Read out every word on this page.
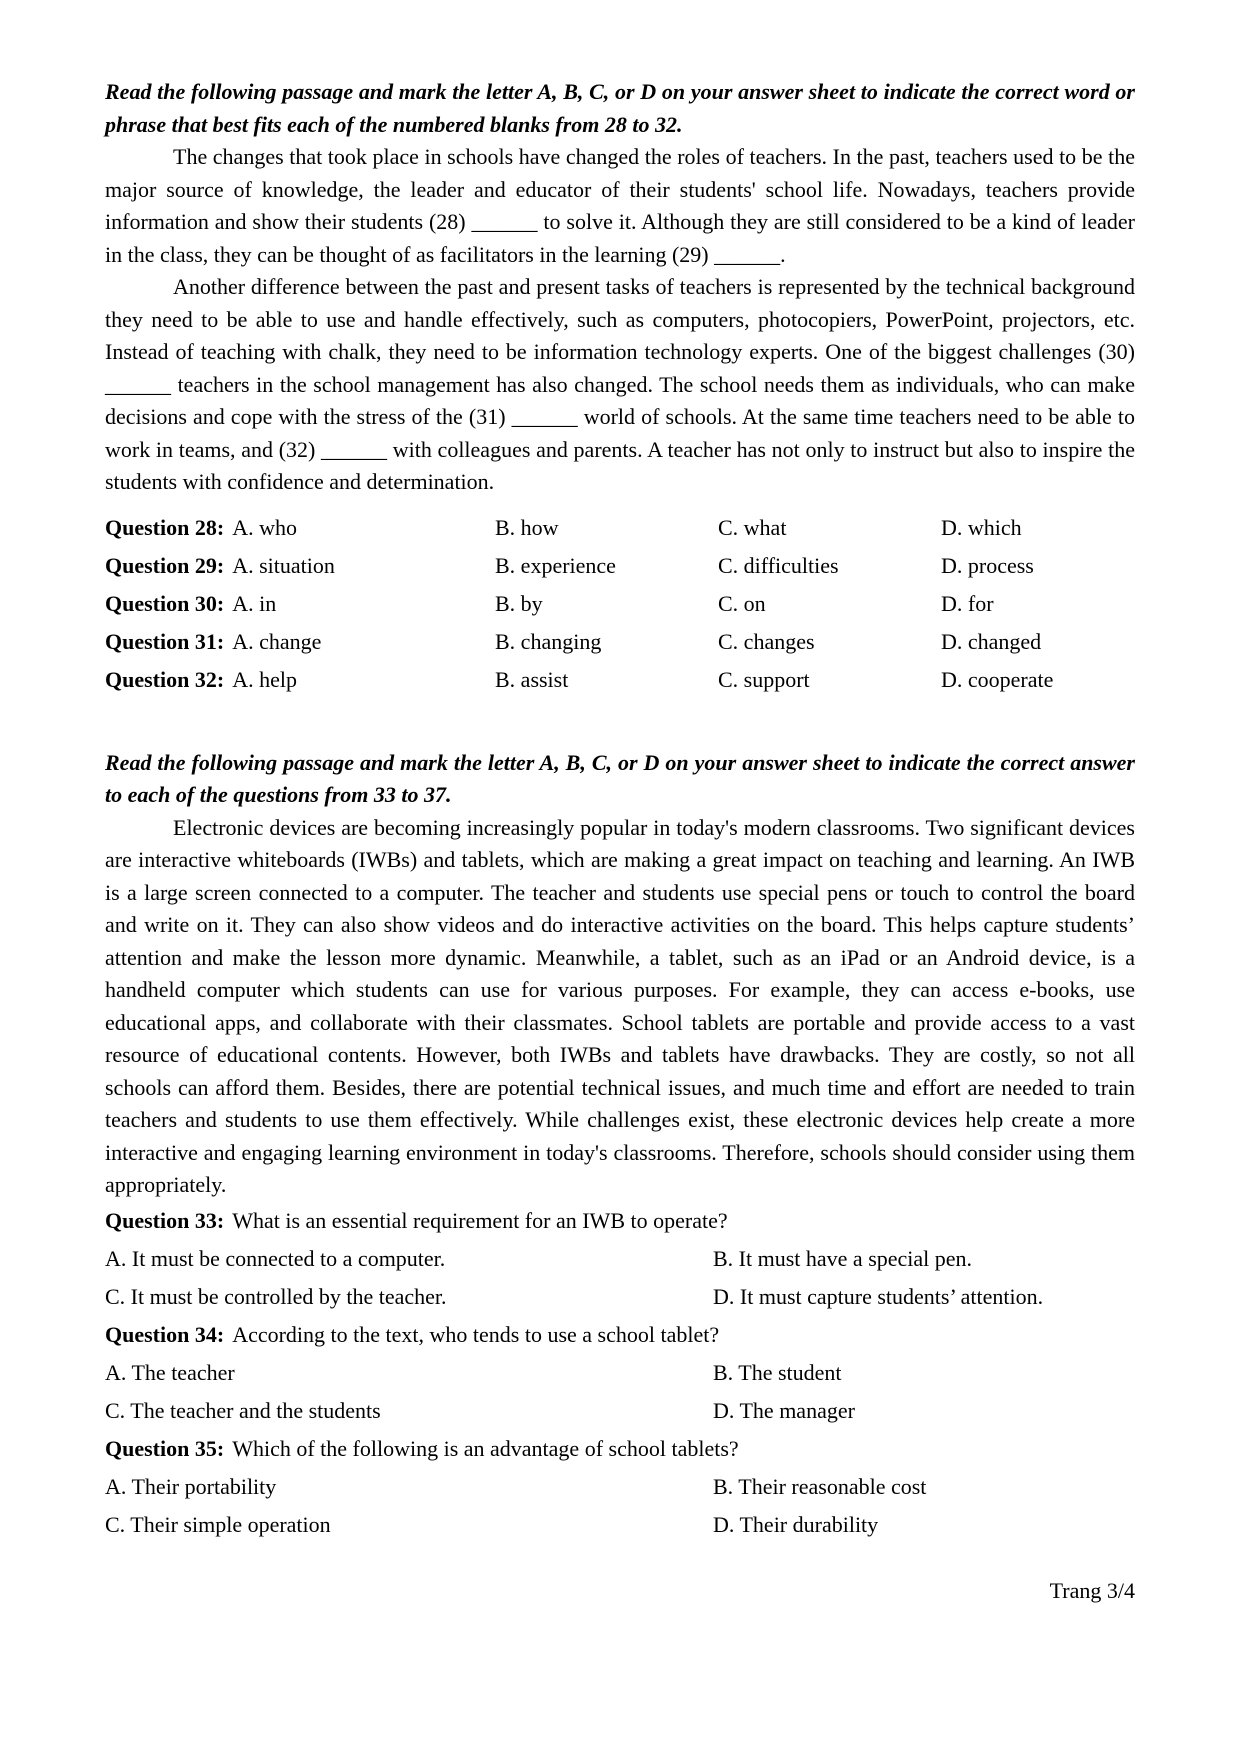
Read the following passage and mark the letter A, B, C, or D on your answer sheet to indicate the correct word or phrase that best fits each of the numbered blanks from 28 to 32.

The changes that took place in schools have changed the roles of teachers. In the past, teachers used to be the major source of knowledge, the leader and educator of their students' school life. Nowadays, teachers provide information and show their students (28) ______ to solve it. Although they are still considered to be a kind of leader in the class, they can be thought of as facilitators in the learning (29) ______.

Another difference between the past and present tasks of teachers is represented by the technical background they need to be able to use and handle effectively, such as computers, photocopiers, PowerPoint, projectors, etc. Instead of teaching with chalk, they need to be information technology experts. One of the biggest challenges (30) ______ teachers in the school management has also changed. The school needs them as individuals, who can make decisions and cope with the stress of the (31) ______ world of schools. At the same time teachers need to be able to work in teams, and (32) ______ with colleagues and parents. A teacher has not only to instruct but also to inspire the students with confidence and determination.

Question 28: A. who	B. how	C. what	D. which
Question 29: A. situation	B. experience	C. difficulties	D. process
Question 30: A. in	B. by	C. on	D. for
Question 31: A. change	B. changing	C. changes	D. changed
Question 32: A. help	B. assist	C. support	D. cooperate

Read the following passage and mark the letter A, B, C, or D on your answer sheet to indicate the correct answer to each of the questions from 33 to 37.

Electronic devices are becoming increasingly popular in today's modern classrooms. Two significant devices are interactive whiteboards (IWBs) and tablets, which are making a great impact on teaching and learning. An IWB is a large screen connected to a computer. The teacher and students use special pens or touch to control the board and write on it. They can also show videos and do interactive activities on the board. This helps capture students’ attention and make the lesson more dynamic. Meanwhile, a tablet, such as an iPad or an Android device, is a handheld computer which students can use for various purposes. For example, they can access e-books, use educational apps, and collaborate with their classmates. School tablets are portable and provide access to a vast resource of educational contents. However, both IWBs and tablets have drawbacks. They are costly, so not all schools can afford them. Besides, there are potential technical issues, and much time and effort are needed to train teachers and students to use them effectively. While challenges exist, these electronic devices help create a more interactive and engaging learning environment in today's classrooms. Therefore, schools should consider using them appropriately.

Question 33: What is an essential requirement for an IWB to operate?

A. It must be connected to a computer.	B. It must have a special pen.
C. It must be controlled by the teacher.	D. It must capture students’ attention.

Question 34: According to the text, who tends to use a school tablet?

A. The teacher	B. The student
C. The teacher and the students	D. The manager

Question 35: Which of the following is an advantage of school tablets?

A. Their portability	B. Their reasonable cost
C. Their simple operation	D. Their durability

Trang 3/4
